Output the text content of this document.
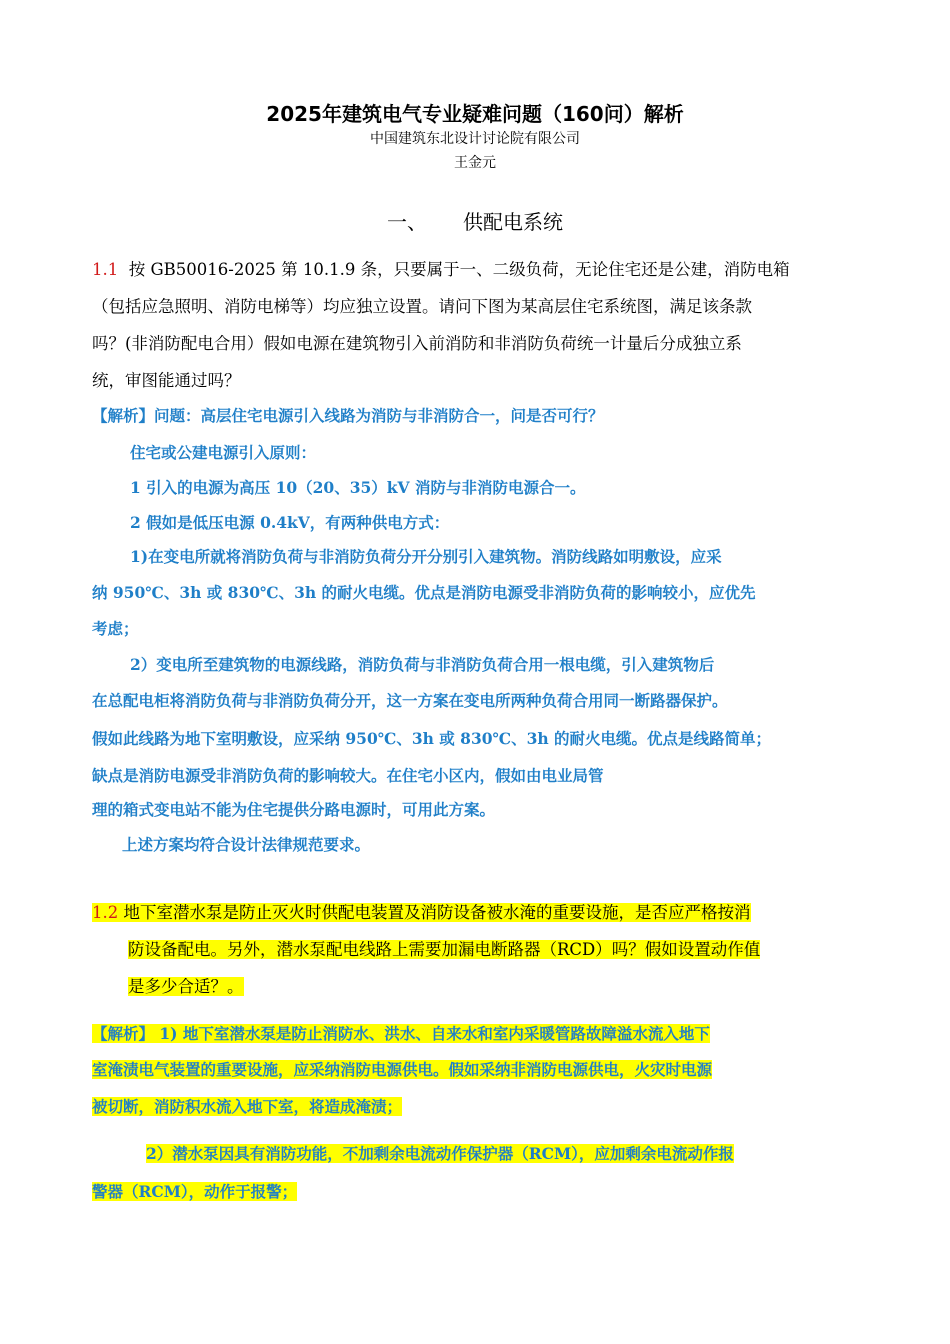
2025年建筑电气专业疑难问题（160问）解析
中国建筑东北设计讨论院有限公司
王金元
一、 供配电系统
1.1 按 GB50016-2025 第 10.1.9 条，只要属于一、二级负荷，无论住宅还是公建，消防电箱
（包括应急照明、消防电梯等）均应独立设置。请问下图为某高层住宅系统图，满足该条款
吗？(非消防配电合用）假如电源在建筑物引入前消防和非消防负荷统一计量后分成独立系
统，审图能通过吗？
【解析】问题：高层住宅电源引入线路为消防与非消防合一，问是否可行？
住宅或公建电源引入原则：
1 引入的电源为高压 10（20、35）kV 消防与非消防电源合一。
2 假如是低压电源 0.4kV，有两种供电方式：
1)在变电所就将消防负荷与非消防负荷分开分别引入建筑物。消防线路如明敷设，应采
纳 950℃、3h 或 830℃、3h 的耐火电缆。优点是消防电源受非消防负荷的影响较小，应优先
考虑；
2）变电所至建筑物的电源线路，消防负荷与非消防负荷合用一根电缆，引入建筑物后
在总配电柜将消防负荷与非消防负荷分开，这一方案在变电所两种负荷合用同一断路器保护。
假如此线路为地下室明敷设，应采纳 950℃、3h 或 830℃、3h 的耐火电缆。优点是线路简单；
缺点是消防电源受非消防负荷的影响较大。在住宅小区内，假如由电业局管
理的箱式变电站不能为住宅提供分路电源时，可用此方案。
上述方案均符合设计法律规范要求。
1.2 地下室潜水泵是防止灭火时供配电装置及消防设备被水淹的重要设施，是否应严格按消
防设备配电。另外，潜水泵配电线路上需要加漏电断路器（RCD）吗？假如设置动作值
是多少合适？。
【解析】 1) 地下室潜水泵是防止消防水、洪水、自来水和室内采暖管路故障溢水流入地下
室淹渍电气装置的重要设施，应采纳消防电源供电。假如采纳非消防电源供电，火灾时电源
被切断，消防积水流入地下室，将造成淹渍；
2）潜水泵因具有消防功能，不加剩余电流动作保护器（RCM），应加剩余电流动作报
警器（RCM），动作于报警；
